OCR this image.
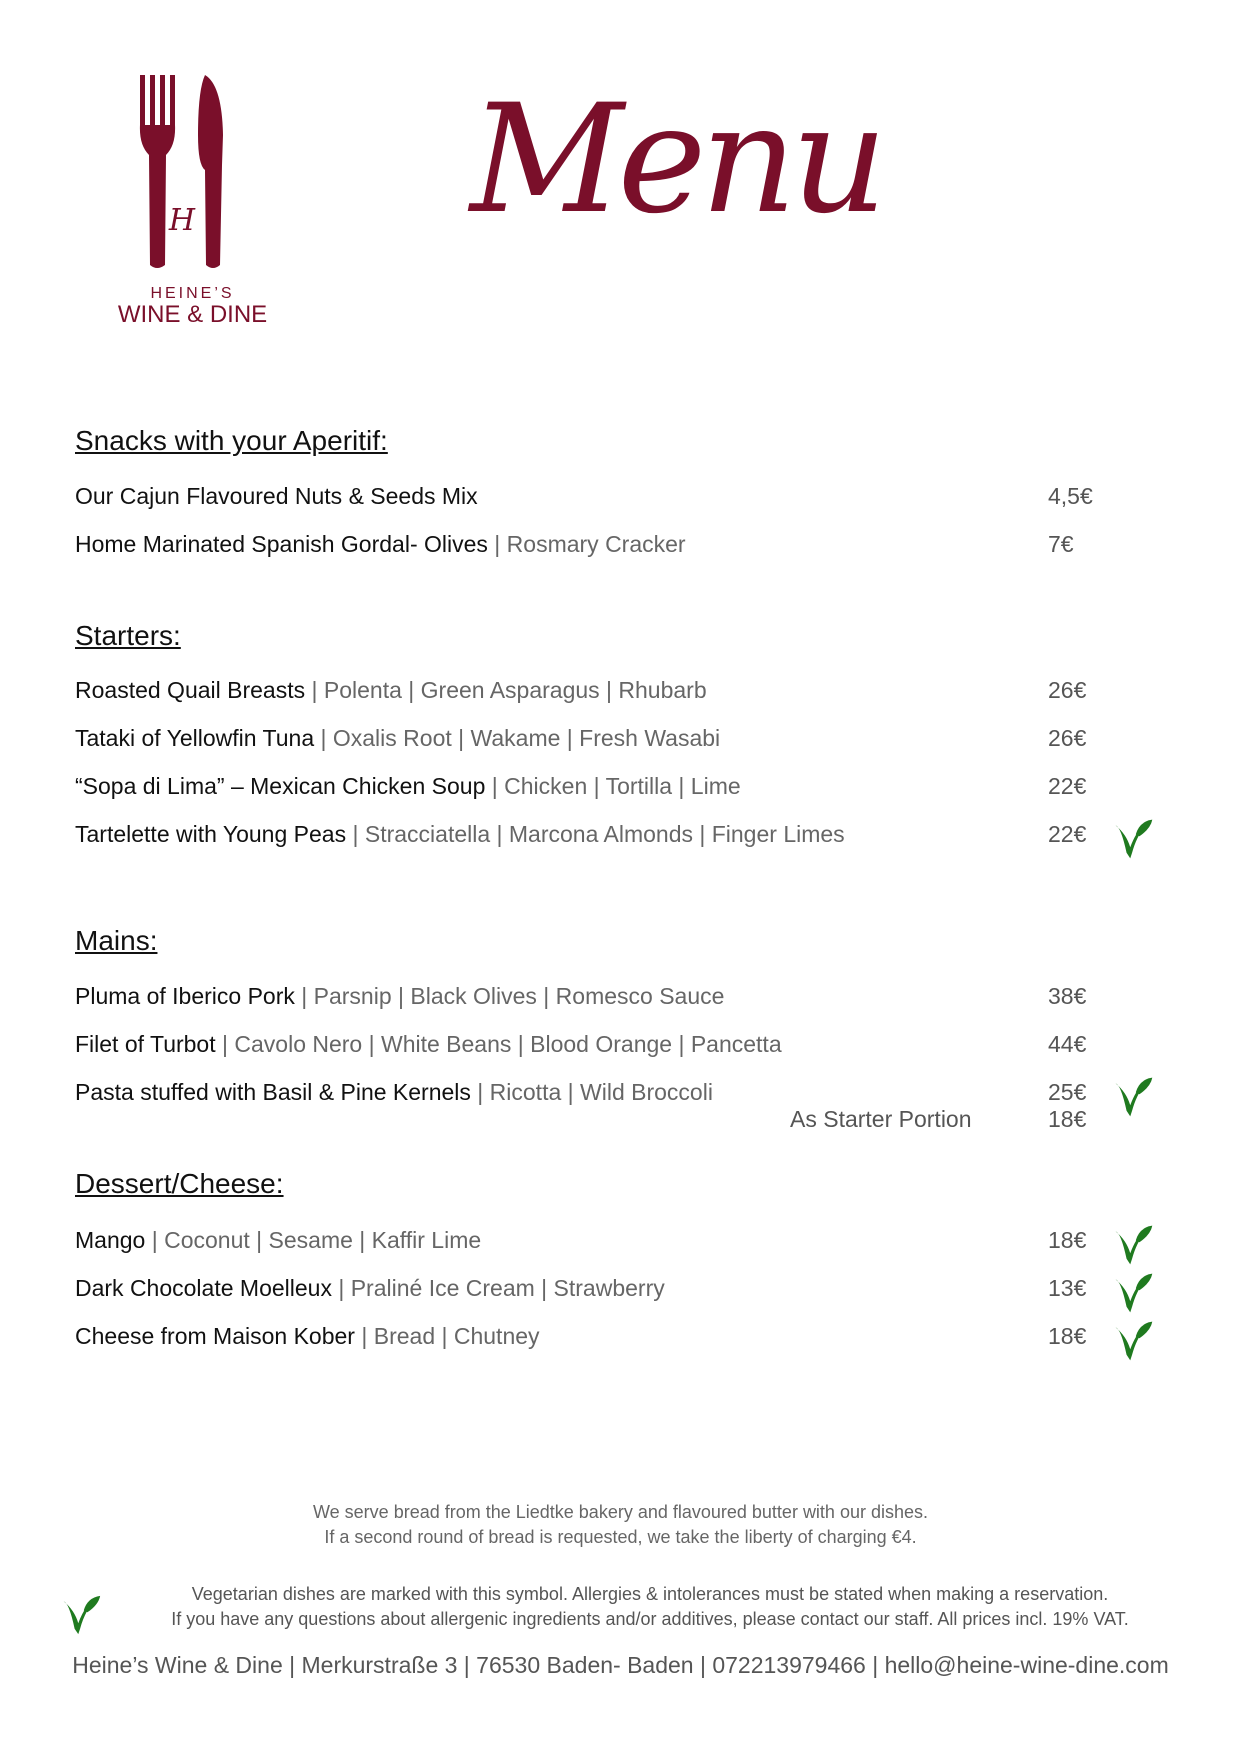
H
HEINE’S
WINE & DINE
Menu
Snacks with your Aperitif:
Our Cajun Flavoured Nuts & Seeds Mix	4,5€
Home Marinated Spanish Gordal- Olives | Rosmary Cracker	7€
Starters:
Roasted Quail Breasts | Polenta | Green Asparagus | Rhubarb	26€
Tataki of Yellowfin Tuna | Oxalis Root | Wakame | Fresh Wasabi	26€
“Sopa di Lima” – Mexican Chicken Soup | Chicken | Tortilla | Lime	22€
Tartelette with Young Peas | Stracciatella | Marcona Almonds | Finger Limes	22€
Mains:
Pluma of Iberico Pork | Parsnip | Black Olives | Romesco Sauce	38€
Filet of Turbot | Cavolo Nero | White Beans | Blood Orange | Pancetta	44€
Pasta stuffed with Basil & Pine Kernels | Ricotta | Wild Broccoli	25€
As Starter Portion	18€
Dessert/Cheese:
Mango | Coconut | Sesame | Kaffir Lime	18€
Dark Chocolate Moelleux | Praliné Ice Cream | Strawberry	13€
Cheese from Maison Kober | Bread | Chutney	18€
We serve bread from the Liedtke bakery and flavoured butter with our dishes.
If a second round of bread is requested, we take the liberty of charging €4.
Vegetarian dishes are marked with this symbol. Allergies & intolerances must be stated when making a reservation.
If you have any questions about allergenic ingredients and/or additives, please contact our staff. All prices incl. 19% VAT.
Heine’s Wine & Dine | Merkurstraße 3 | 76530 Baden- Baden | 072213979466 | hello@heine-wine-dine.com
